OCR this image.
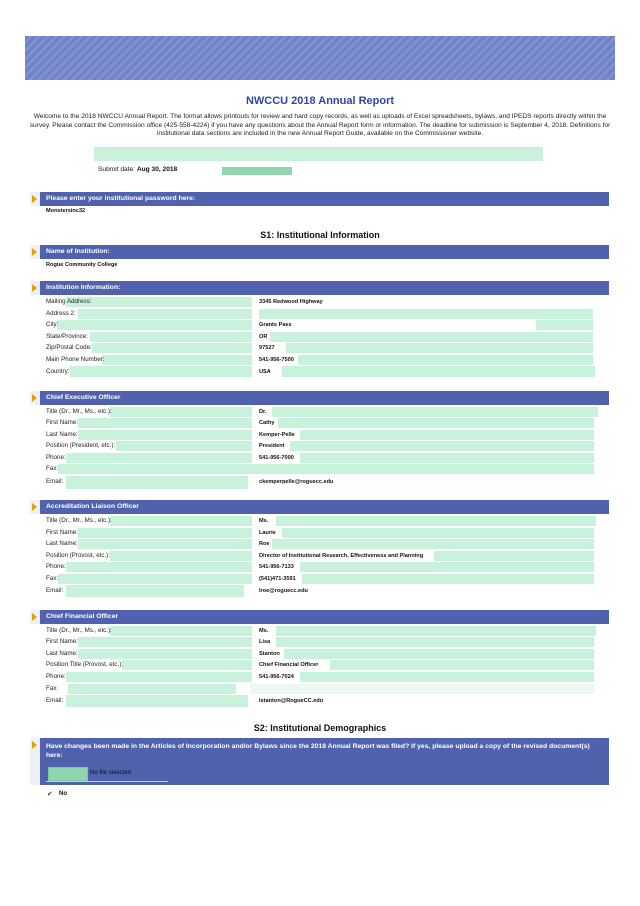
NWCCU 2018 Annual Report
Welcome to the 2018 NWCCU Annual Report. The format allows printouts for review and hard copy records, as well as uploads of Excel spreadsheets, bylaws, and IPEDS reports directly within the survey. Please contact the Commission office (425-558-4224) if you have any questions about the Annual Report form or information. The deadline for submission is September 4, 2018. Definitions for institutional data sections are included in the new Annual Report Guide, available on the Commissioner website.
Submit date: Aug 30, 2018
Please enter your institutional password here:
Monstersinc32
S1: Institutional Information
Name of Institution:
Rogue Community College
Institution Information:
Mailing Address:	3345 Redwood Highway
Address 2:
City:	Grants Pass
State/Province:	OR
Zip/Postal Code:	97527
Main Phone Number:	541-956-7500
Country:	USA
Chief Executive Officer
Title (Dr., Mr., Ms., etc.):	Dr.
First Name:	Cathy
Last Name:	Kemper-Pelle
Position (President, etc.):	President
Phone:	541-956-7000
Fax:
Email:	ckemperpelle@roguecc.edu
Accreditation Liaison Officer
Title (Dr., Mr., Ms., etc.):	Ms.
First Name:	Laurie
Last Name:	Roe
Position (Provost, etc.):	Director of Institutional Research, Effectiveness and Planning
Phone:	541-956-7133
Fax:	(541)471-3591
Email:	lroe@roguecc.edu
Chief Financial Officer
Title (Dr., Mr., Ms., etc.):	Ms.
First Name:	Lisa
Last Name:	Stanton
Position Title (Provost, etc.):	Chief Financial Officer
Phone:	541-956-7024
Fax:
Email:	lstanton@RogueCC.edu
S2: Institutional Demographics
Have changes been made in the Articles of Incorporation and/or Bylaws since the 2018 Annual Report was filed? If yes, please upload a copy of the revised document(s) here:
No file selected
✔ No
